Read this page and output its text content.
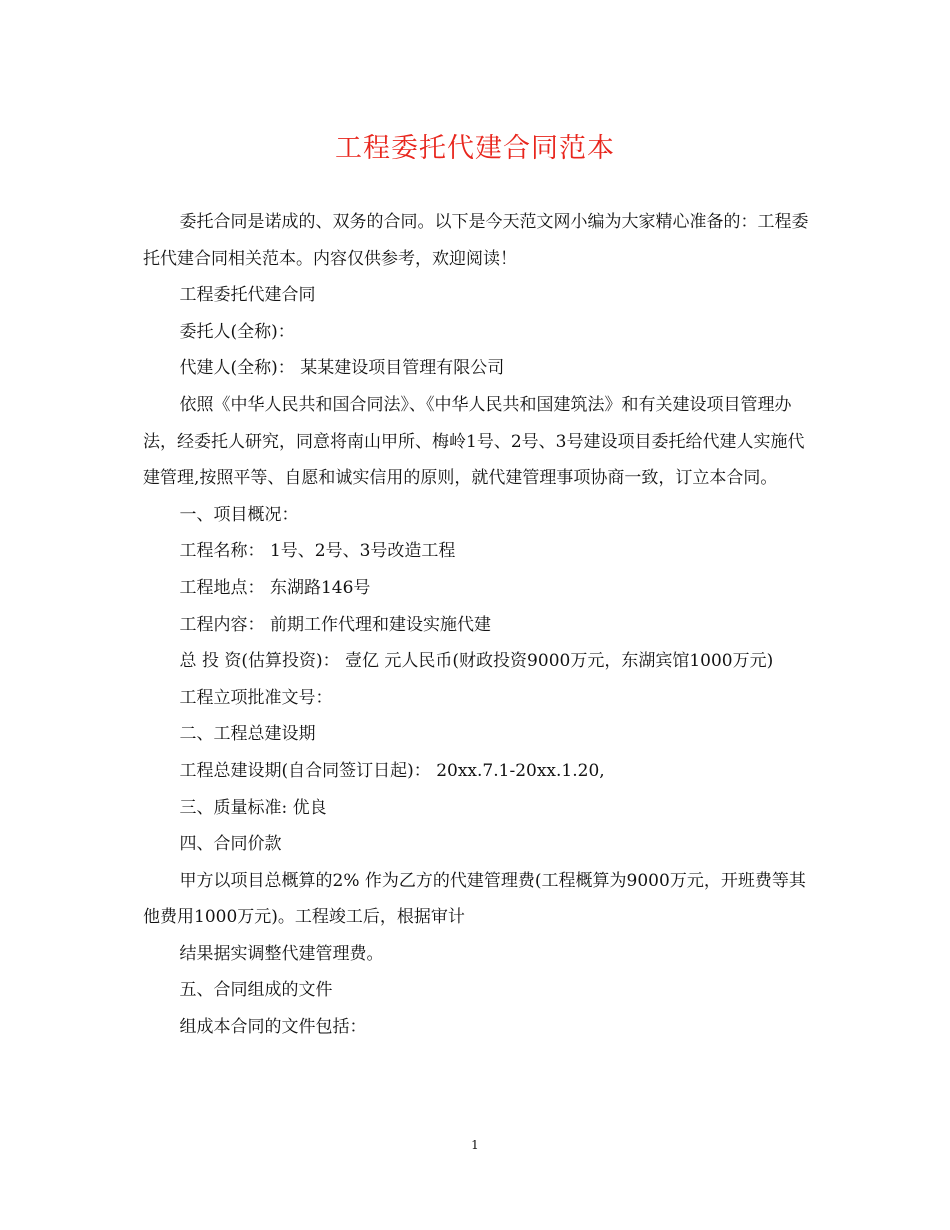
工程委托代建合同范本

委托合同是诺成的、双务的合同。以下是今天范文网小编为大家精心准备的：工程委托代建合同相关范本。内容仅供参考，欢迎阅读！

工程委托代建合同

委托人(全称)：

代建人(全称)： 某某建设项目管理有限公司

依照《中华人民共和国合同法》、《中华人民共和国建筑法》和有关建设项目管理办法，经委托人研究，同意将南山甲所、梅岭1号、2号、3号建设项目委托给代建人实施代建管理,按照平等、自愿和诚实信用的原则，就代建管理事项协商一致，订立本合同。

一、项目概况：

工程名称： 1号、2号、3号改造工程

工程地点： 东湖路146号

工程内容： 前期工作代理和建设实施代建

总 投 资(估算投资)： 壹亿 元人民币(财政投资9000万元，东湖宾馆1000万元)

工程立项批准文号：

二、工程总建设期

工程总建设期(自合同签订日起)： 20xx.7.1-20xx.1.20,

三、质量标准: 优良

四、合同价款

甲方以项目总概算的2% 作为乙方的代建管理费(工程概算为9000万元，开班费等其他费用1000万元)。工程竣工后，根据审计

结果据实调整代建管理费。

五、合同组成的文件

组成本合同的文件包括：

1
